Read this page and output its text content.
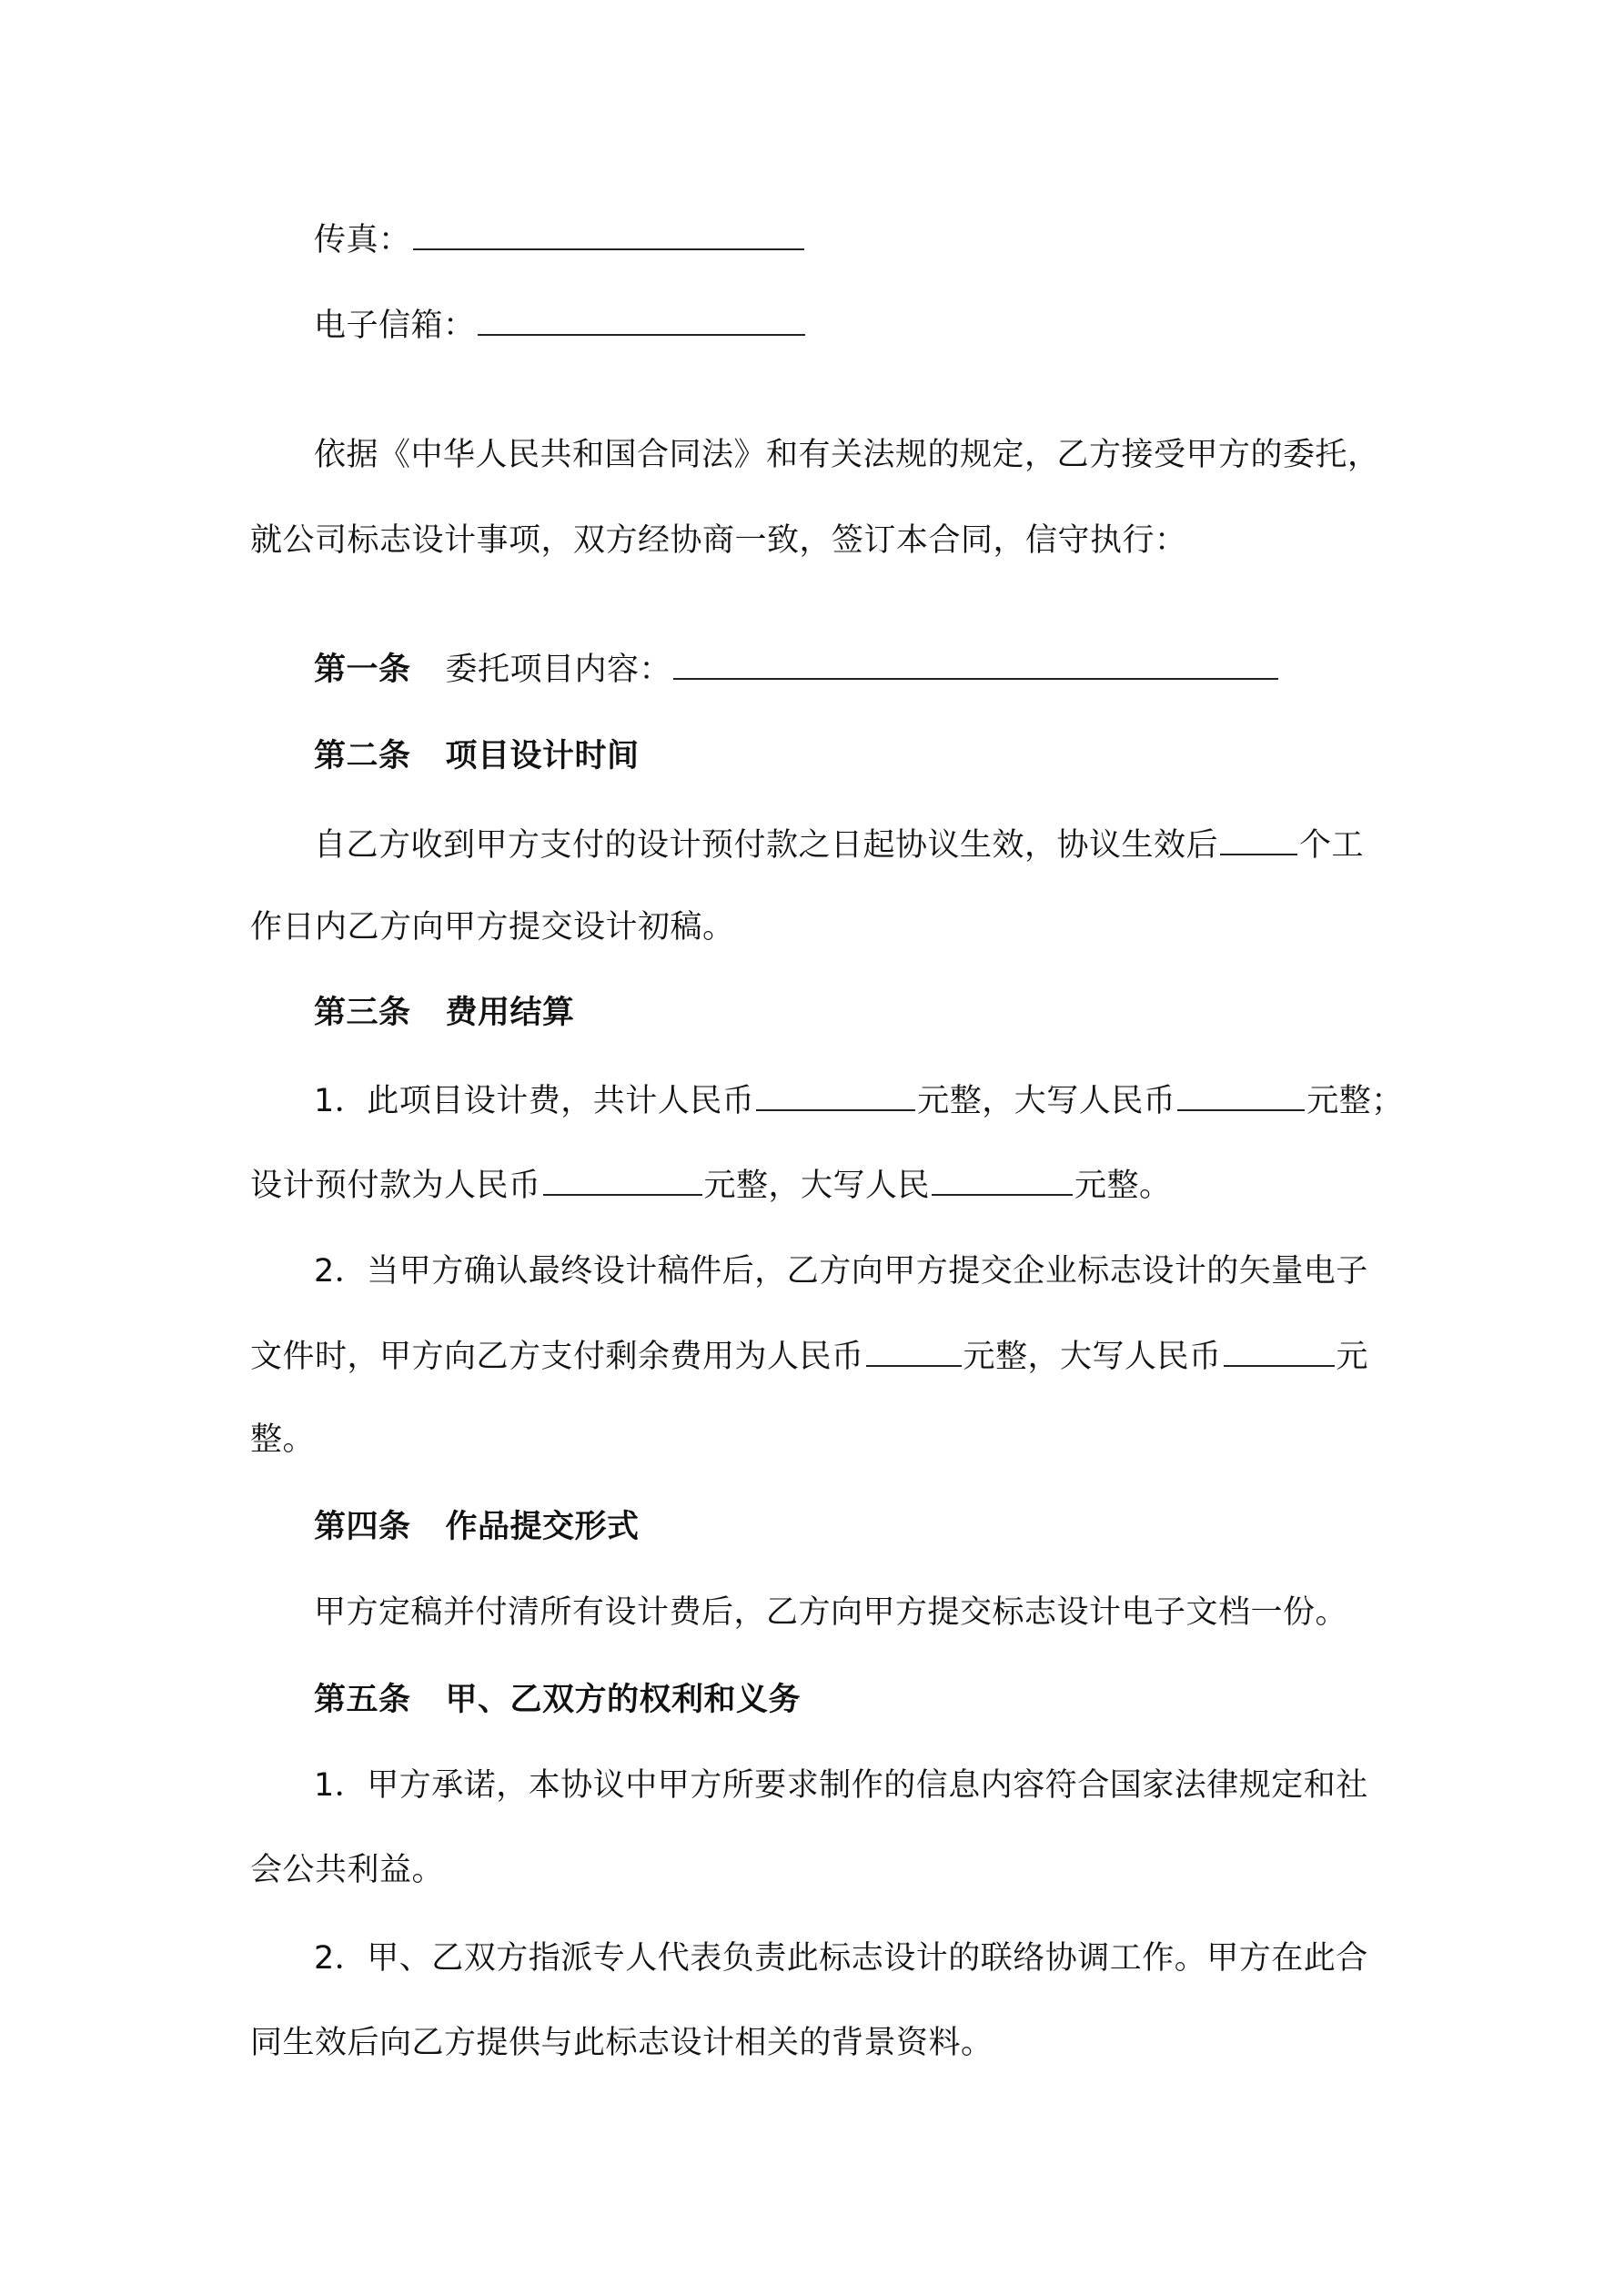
传真：
电子信箱：
依据《中华人民共和国合同法》和有关法规的规定，乙方接受甲方的委托，
就公司标志设计事项，双方经协商一致，签订本合同，信守执行：
第一条 委托项目内容：
第二条 项目设计时间
自乙方收到甲方支付的设计预付款之日起协议生效，协议生效后	个工
作日内乙方向甲方提交设计初稿。
第三条 费用结算
1．此项目设计费，共计人民币	元整，大写人民币	元整；
设计预付款为人民币	元整，大写人民	元整。
2．当甲方确认最终设计稿件后，乙方向甲方提交企业标志设计的矢量电子
文件时，甲方向乙方支付剩余费用为人民币	元整，大写人民币	元
整。
第四条 作品提交形式
甲方定稿并付清所有设计费后，乙方向甲方提交标志设计电子文档一份。
第五条 甲、乙双方的权利和义务
1．甲方承诺，本协议中甲方所要求制作的信息内容符合国家法律规定和社
会公共利益。
2．甲、乙双方指派专人代表负责此标志设计的联络协调工作。甲方在此合
同生效后向乙方提供与此标志设计相关的背景资料。
